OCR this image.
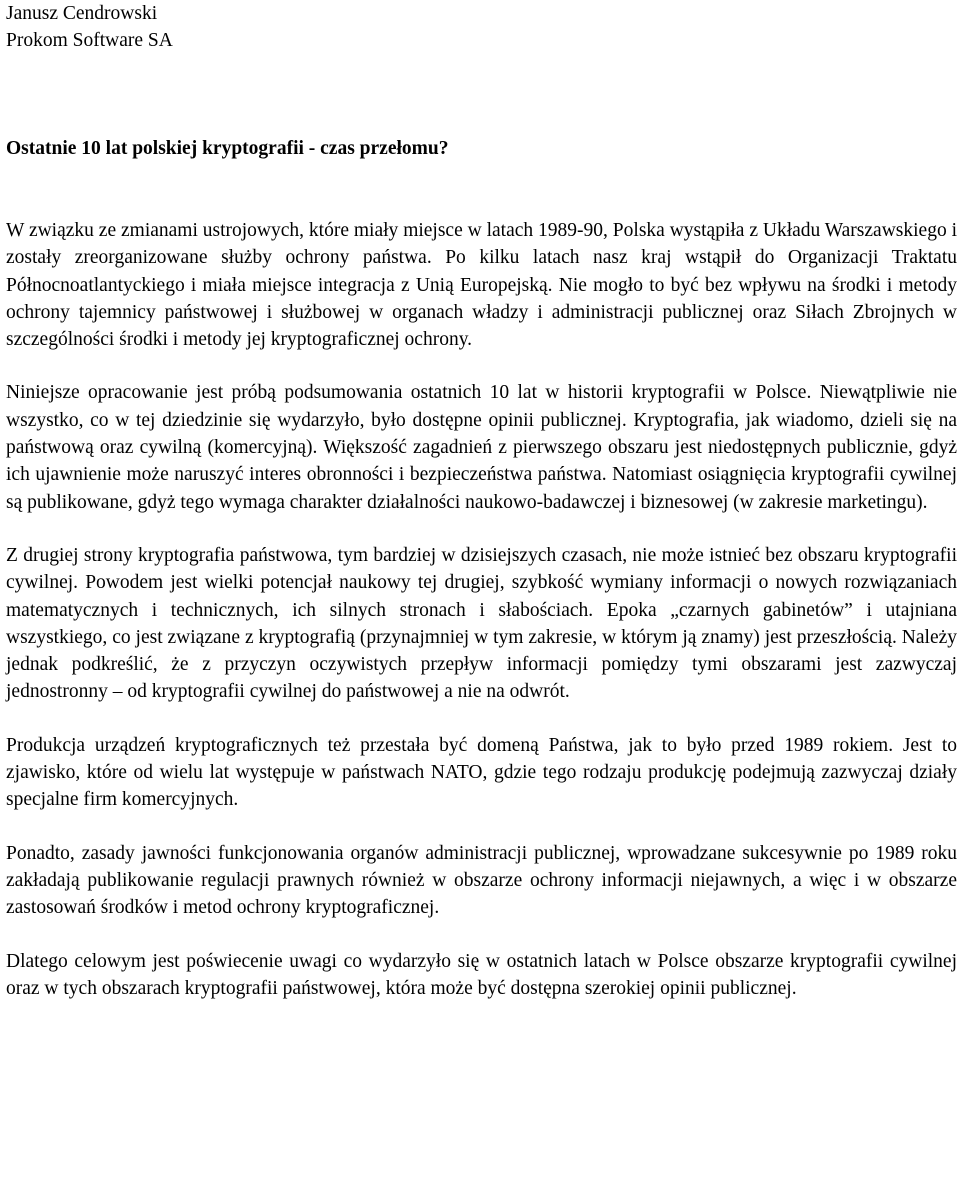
Janusz Cendrowski

Prokom Software SA

Ostatnie 10 lat polskiej kryptografii - czas przełomu?

W związku ze zmianami ustrojowych, które miały miejsce w latach 1989-90, Polska wystąpiła z Układu Warszawskiego i zostały zreorganizowane służby ochrony państwa. Po kilku latach nasz kraj wstąpił do Organizacji Traktatu Północnoatlantyckiego i miała miejsce integracja z Unią Europejską. Nie mogło to być bez wpływu na środki i metody ochrony tajemnicy państwowej i służbowej w organach władzy i administracji publicznej oraz Siłach Zbrojnych w szczególności środki i metody jej kryptograficznej ochrony.

Niniejsze opracowanie jest próbą podsumowania ostatnich 10 lat w historii kryptografii w Polsce. Niewątpliwie nie wszystko, co w tej dziedzinie się wydarzyło, było dostępne opinii publicznej. Kryptografia, jak wiadomo, dzieli się na państwową oraz cywilną (komercyjną). Większość zagadnień z pierwszego obszaru jest niedostępnych publicznie, gdyż ich ujawnienie może naruszyć interes obronności i bezpieczeństwa państwa. Natomiast osiągnięcia kryptografii cywilnej są publikowane, gdyż tego wymaga charakter działalności naukowo-badawczej i biznesowej (w zakresie marketingu).

Z drugiej strony kryptografia państwowa, tym bardziej w dzisiejszych czasach, nie może istnieć bez obszaru kryptografii cywilnej. Powodem jest wielki potencjał naukowy tej drugiej, szybkość wymiany informacji o nowych rozwiązaniach matematycznych i technicznych, ich silnych stronach i słabościach. Epoka „czarnych gabinetów” i utajniana wszystkiego, co jest związane z kryptografią (przynajmniej w tym zakresie, w którym ją znamy) jest przeszłością. Należy jednak podkreślić, że z przyczyn oczywistych przepływ informacji pomiędzy tymi obszarami jest zazwyczaj jednostronny – od kryptografii cywilnej do państwowej a nie na odwrót.

Produkcja urządzeń kryptograficznych też przestała być domeną Państwa, jak to było przed 1989 rokiem. Jest to zjawisko, które od wielu lat występuje w państwach NATO, gdzie tego rodzaju produkcję podejmują zazwyczaj działy specjalne firm komercyjnych.

Ponadto, zasady jawności funkcjonowania organów administracji publicznej, wprowadzane sukcesywnie po 1989 roku zakładają publikowanie regulacji prawnych również w obszarze ochrony informacji niejawnych, a więc i w obszarze zastosowań środków i metod ochrony kryptograficznej.

Dlatego celowym jest poświecenie uwagi co wydarzyło się w ostatnich latach w Polsce obszarze kryptografii cywilnej oraz w tych obszarach kryptografii państwowej, która może być dostępna szerokiej opinii publicznej.
